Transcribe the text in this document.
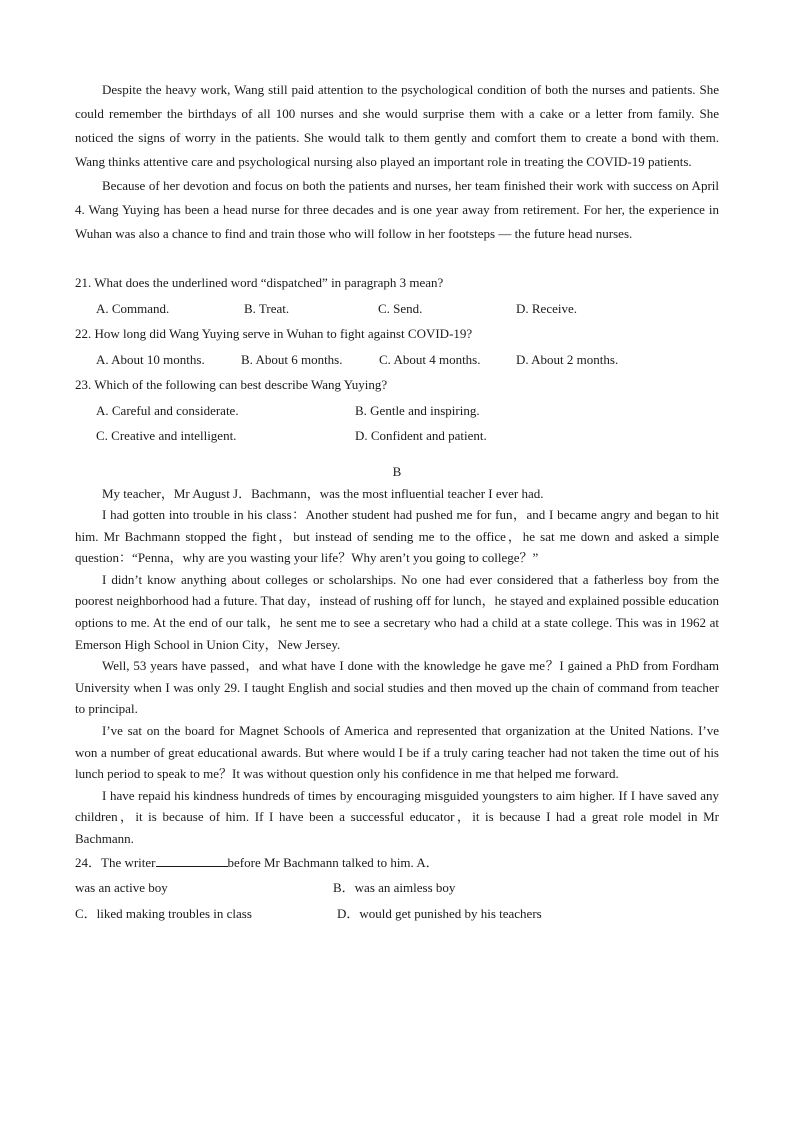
Despite the heavy work, Wang still paid attention to the psychological condition of both the nurses and patients. She could remember the birthdays of all 100 nurses and she would surprise them with a cake or a letter from family. She noticed the signs of worry in the patients. She would talk to them gently and comfort them to create a bond with them. Wang thinks attentive care and psychological nursing also played an important role in treating the COVID-19 patients.

Because of her devotion and focus on both the patients and nurses, her team finished their work with success on April 4. Wang Yuying has been a head nurse for three decades and is one year away from retirement. For her, the experience in Wuhan was also a chance to find and train those who will follow in her footsteps — the future head nurses.

21. What does the underlined word “dispatched” in paragraph 3 mean?

A. Command.	B. Treat.	C. Send.	D. Receive.

22. How long did Wang Yuying serve in Wuhan to fight against COVID-19?

A. About 10 months.	B. About 6 months.	C. About 4 months.	D. About 2 months.

23. Which of the following can best describe Wang Yuying?

A. Careful and considerate.	B. Gentle and inspiring.
C. Creative and intelligent.	D. Confident and patient.

B

My teacher，Mr August J．Bachmann，was the most influential teacher I ever had.

I had gotten into trouble in his class：Another student had pushed me for fun，and I became angry and began to hit him. Mr Bachmann stopped the fight，but instead of sending me to the office，he sat me down and asked a simple question：“Penna，why are you wasting your life？Why aren’t you going to college？”

I didn’t know anything about colleges or scholarships. No one had ever considered that a fatherless boy from the poorest neighborhood had a future. That day，instead of rushing off for lunch，he stayed and explained possible education options to me. At the end of our talk，he sent me to see a secretary who had a child at a state college. This was in 1962 at Emerson High School in Union City，New Jersey.

Well, 53 years have passed，and what have I done with the knowledge he gave me？I gained a PhD from Fordham University when I was only 29. I taught English and social studies and then moved up the chain of command from teacher to principal.

I’ve sat on the board for Magnet Schools of America and represented that organization at the United Nations. I’ve won a number of great educational awards. But where would I be if a truly caring teacher had not taken the time out of his lunch period to speak to me？It was without question only his confidence in me that helped me forward.

I have repaid his kindness hundreds of times by encouraging misguided youngsters to aim higher. If I have saved any children，it is because of him. If I have been a successful educator，it is because I had a great role model in Mr Bachmann.

24．The writer	before Mr Bachmann talked to him. A．

was an active boy	B．was an aimless boy
C．liked making troubles in class	D．would get punished by his teachers
